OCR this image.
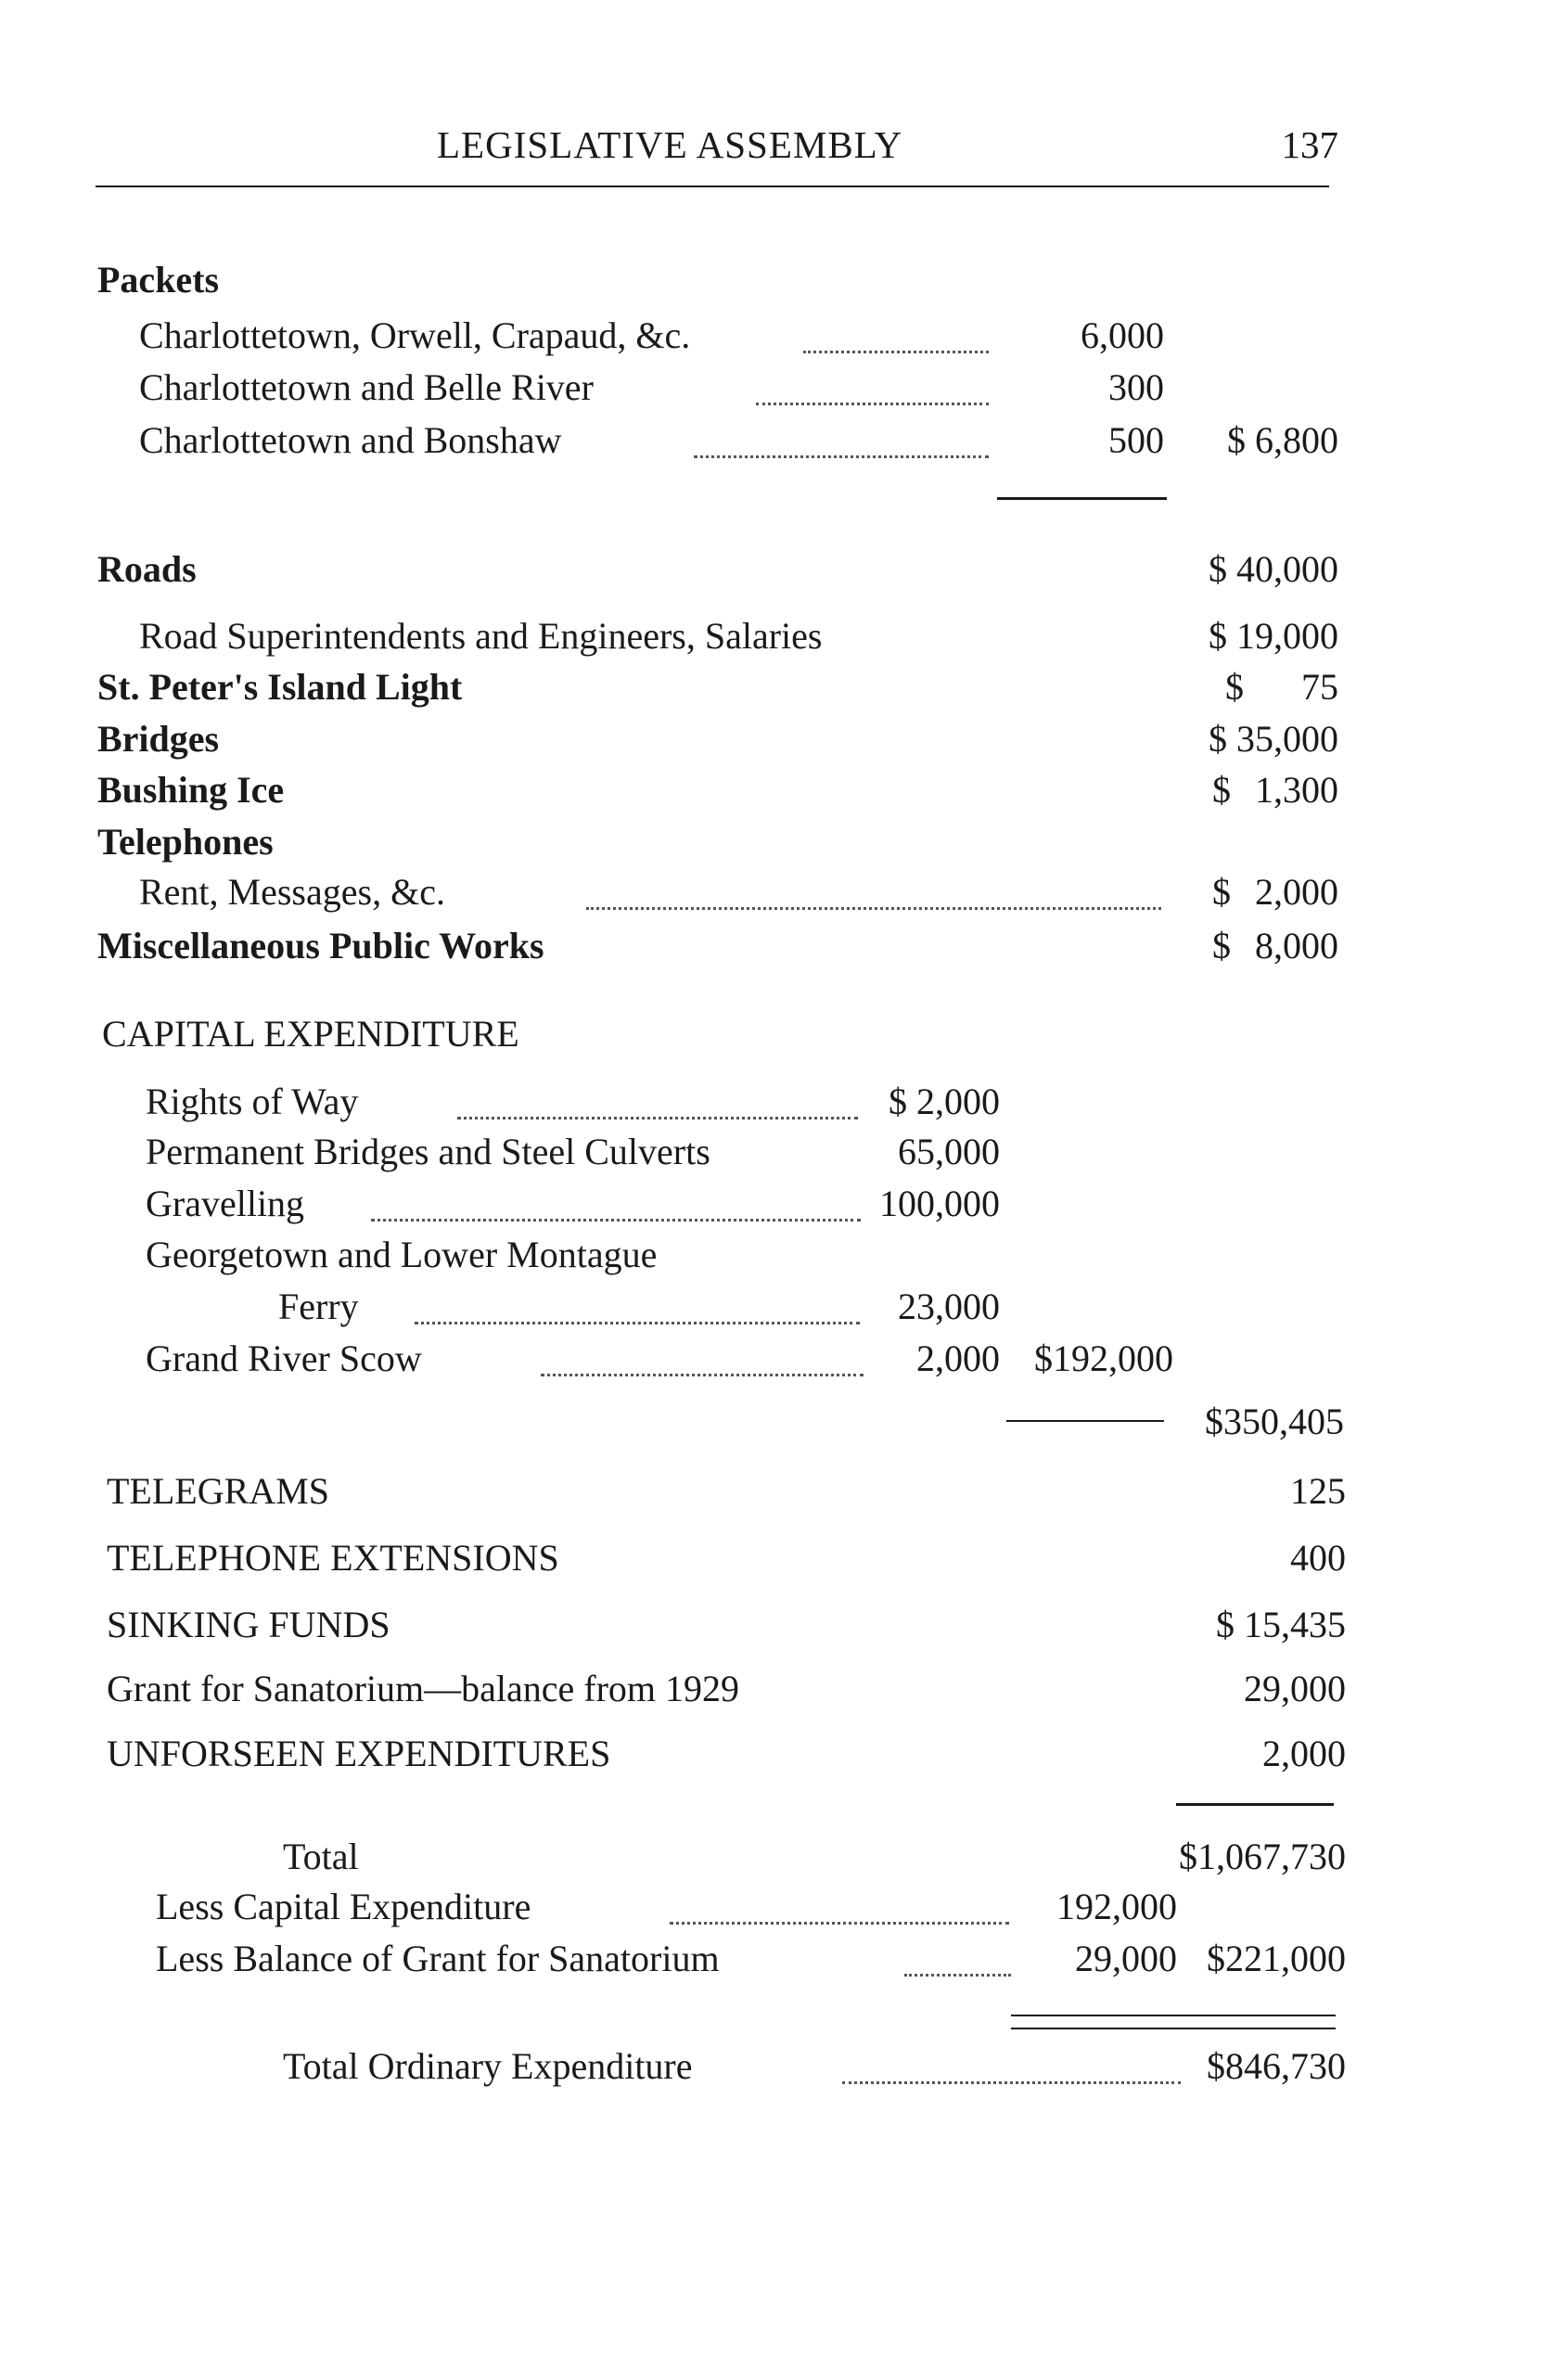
LEGISLATIVE ASSEMBLY	137
Packets
Charlottetown, Orwell, Crapaud, &c.	6,000
Charlottetown and Belle River	300
Charlottetown and Bonshaw	500 $ 6,800
Roads	$ 40,000
Road Superintendents and Engineers, Salaries	$ 19,000
St. Peter's Island Light	$ 75
Bridges	$ 35,000
Bushing Ice	$ 1,300
Telephones
Rent, Messages, &c.	$ 2,000
Miscellaneous Public Works	$ 8,000
CAPITAL EXPENDITURE
Rights of Way	$ 2,000
Permanent Bridges and Steel Culverts	65,000
Gravelling	100,000
Georgetown and Lower Montague
Ferry	23,000
Grand River Scow	2,000 $192,000
$350,405
TELEGRAMS	125
TELEPHONE EXTENSIONS	400
SINKING FUNDS	$ 15,435
Grant for Sanatorium—balance from 1929	29,000
UNFORSEEN EXPENDITURES	2,000
Total	$1,067,730
Less Capital Expenditure	192,000
Less Balance of Grant for Sanatorium	29,000 $221,000
Total Ordinary Expenditure	$846,730
